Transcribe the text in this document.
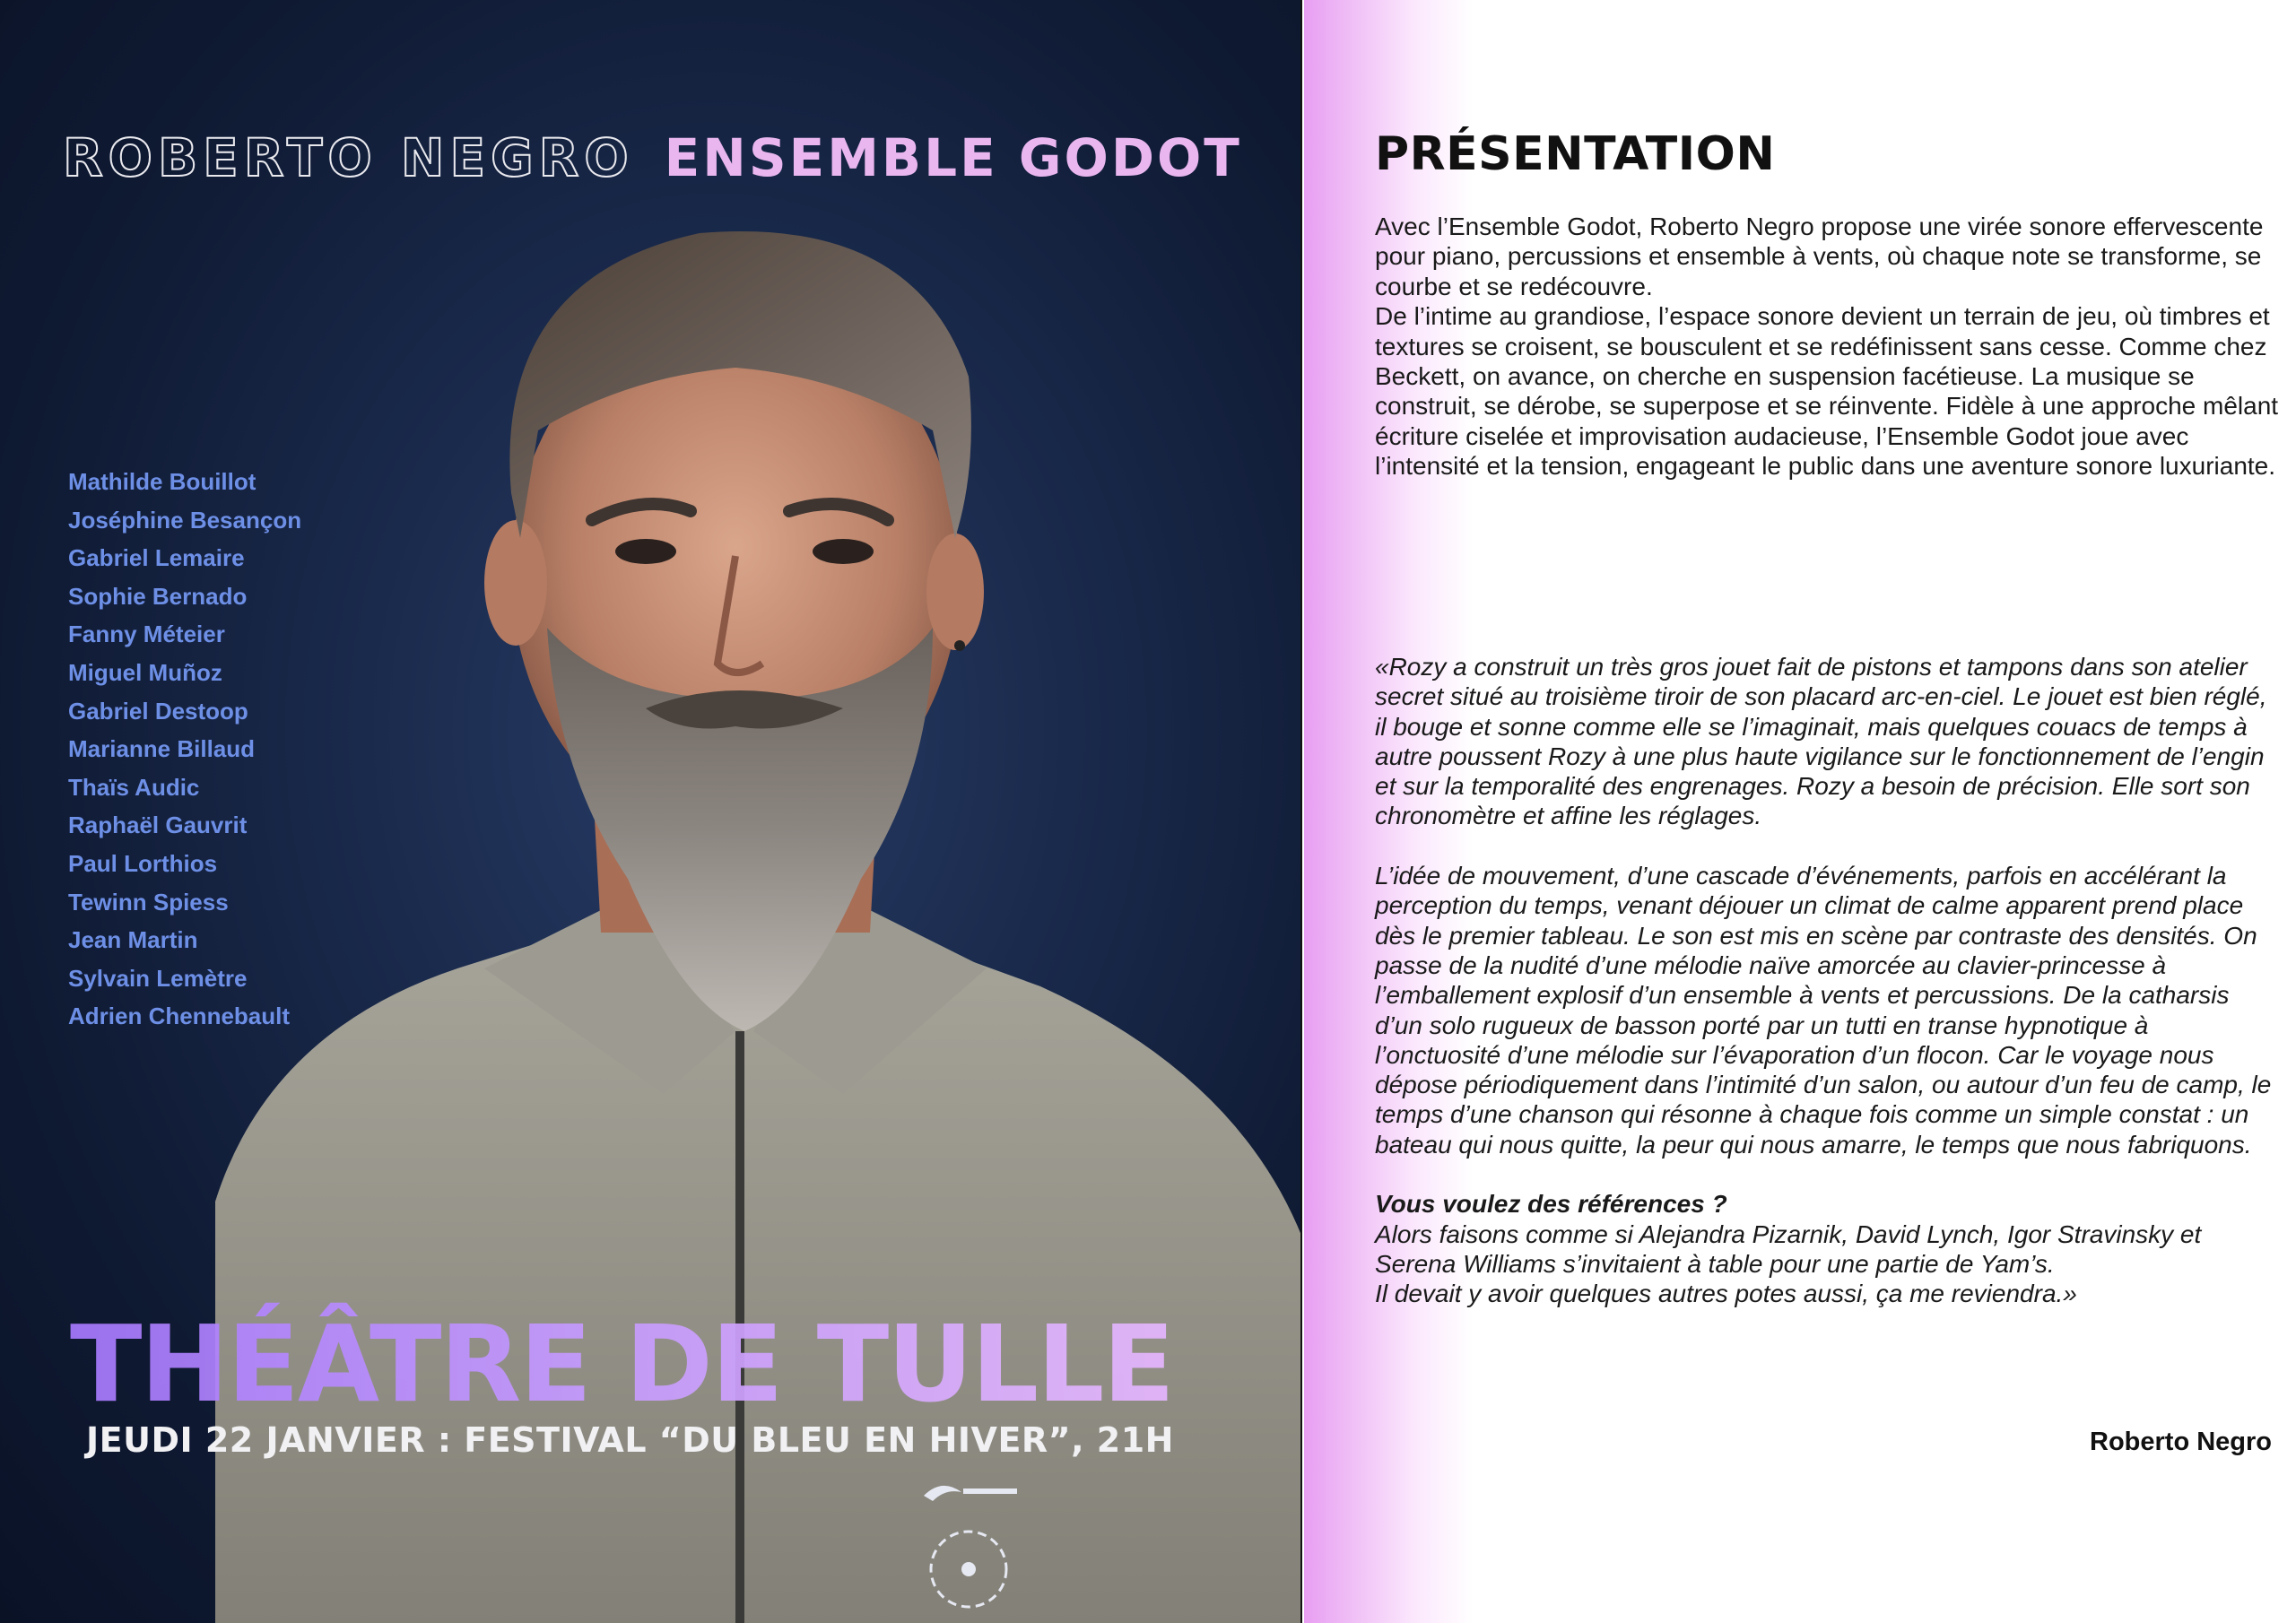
ROBERTO NEGRO ENSEMBLE GODOT
Mathilde Bouillot
Joséphine Besançon
Gabriel Lemaire
Sophie Bernado
Fanny Méteier
Miguel Muñoz
Gabriel Destoop
Marianne Billaud
Thaïs Audic
Raphaël Gauvrit
Paul Lorthios
Tewinn Spiess
Jean Martin
Sylvain Lemètre
Adrien Chennebault
THÉÂTRE DE TULLE
JEUDI 22 JANVIER : FESTIVAL “DU BLEU EN HIVER”, 21H
PRÉSENTATION

Avec l’Ensemble Godot, Roberto Negro propose une virée sonore effervescente pour piano, percussions et ensemble à vents, où chaque note se transforme, se courbe et se redécouvre.

De l’intime au grandiose, l’espace sonore devient un terrain de jeu, où timbres et textures se croisent, se bousculent et se redéfinissent sans cesse. Comme chez Beckett, on avance, on cherche en suspension facétieuse. La musique se construit, se dérobe, se superpose et se réinvente. Fidèle à une approche mêlant écriture ciselée et improvisation audacieuse, l’Ensemble Godot joue avec l’intensité et la tension, engageant le public dans une aventure sonore luxuriante.

«Rozy a construit un très gros jouet fait de pistons et tampons dans son atelier secret situé au troisième tiroir de son placard arc-en-ciel. Le jouet est bien réglé, il bouge et sonne comme elle se l’imaginait, mais quelques couacs de temps à autre poussent Rozy à une plus haute vigilance sur le fonctionnement de l’engin et sur la temporalité des engrenages. Rozy a besoin de précision. Elle sort son chronomètre et affine les réglages.

L’idée de mouvement, d’une cascade d’événements, parfois en accélérant la perception du temps, venant déjouer un climat de calme apparent prend place dès le premier tableau. Le son est mis en scène par contraste des densités. On passe de la nudité d’une mélodie naïve amorcée au clavier-princesse à l’emballement explosif d’un ensemble à vents et percussions. De la catharsis d’un solo rugueux de basson porté par un tutti en transe hypnotique à l’onctuosité d’une mélodie sur l’évaporation d’un flocon. Car le voyage nous dépose périodiquement dans l’intimité d’un salon, ou autour d’un feu de camp, le temps d’une chanson qui résonne à chaque fois comme un simple constat : un bateau qui nous quitte, la peur qui nous amarre, le temps que nous fabriquons.

Vous voulez des références ?

Alors faisons comme si Alejandra Pizarnik, David Lynch, Igor Stravinsky et Serena Williams s’invitaient à table pour une partie de Yam’s.

Il devait y avoir quelques autres potes aussi, ça me reviendra.»

Roberto Negro
